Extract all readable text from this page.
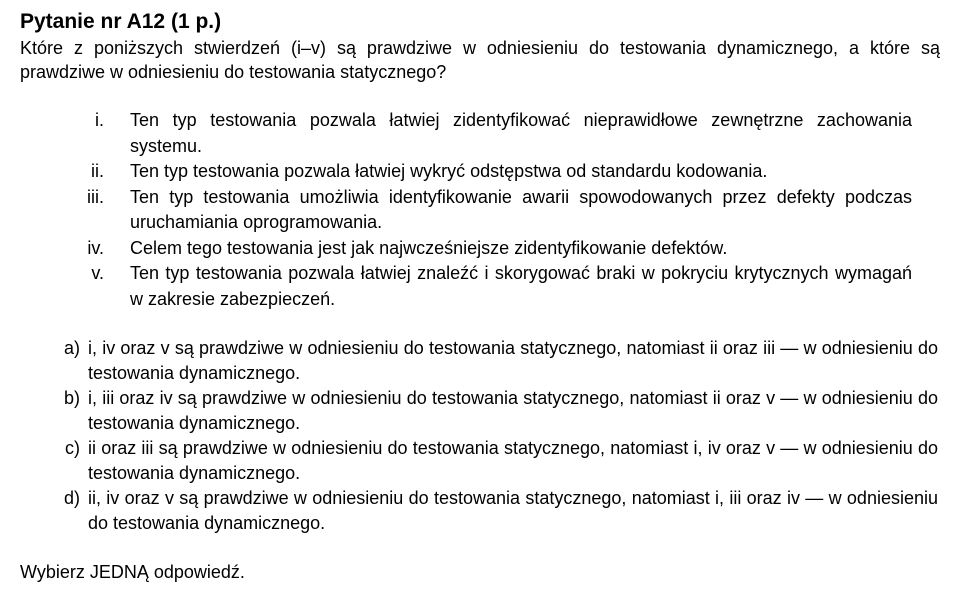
Pytanie nr A12 (1 p.)

Które z poniższych stwierdzeń (i–v) są prawdziwe w odniesieniu do testowania dynamicznego, a które są prawdziwe w odniesieniu do testowania statycznego?

i.	Ten typ testowania pozwala łatwiej zidentyfikować nieprawidłowe zewnętrzne zachowania systemu.
ii.	Ten typ testowania pozwala łatwiej wykryć odstępstwa od standardu kodowania.
iii.	Ten typ testowania umożliwia identyfikowanie awarii spowodowanych przez defekty podczas uruchamiania oprogramowania.
iv.	Celem tego testowania jest jak najwcześniejsze zidentyfikowanie defektów.
v.	Ten typ testowania pozwala łatwiej znaleźć i skorygować braki w pokryciu krytycznych wymagań w zakresie zabezpieczeń.
a) i, iv oraz v są prawdziwe w odniesieniu do testowania statycznego, natomiast ii oraz iii — w odniesieniu do testowania dynamicznego.
b) i, iii oraz iv są prawdziwe w odniesieniu do testowania statycznego, natomiast ii oraz v — w odniesieniu do testowania dynamicznego.
c) ii oraz iii są prawdziwe w odniesieniu do testowania statycznego, natomiast i, iv oraz v — w odniesieniu do testowania dynamicznego.
d) ii, iv oraz v są prawdziwe w odniesieniu do testowania statycznego, natomiast i, iii oraz iv — w odniesieniu do testowania dynamicznego.
Wybierz JEDNĄ odpowiedź.
